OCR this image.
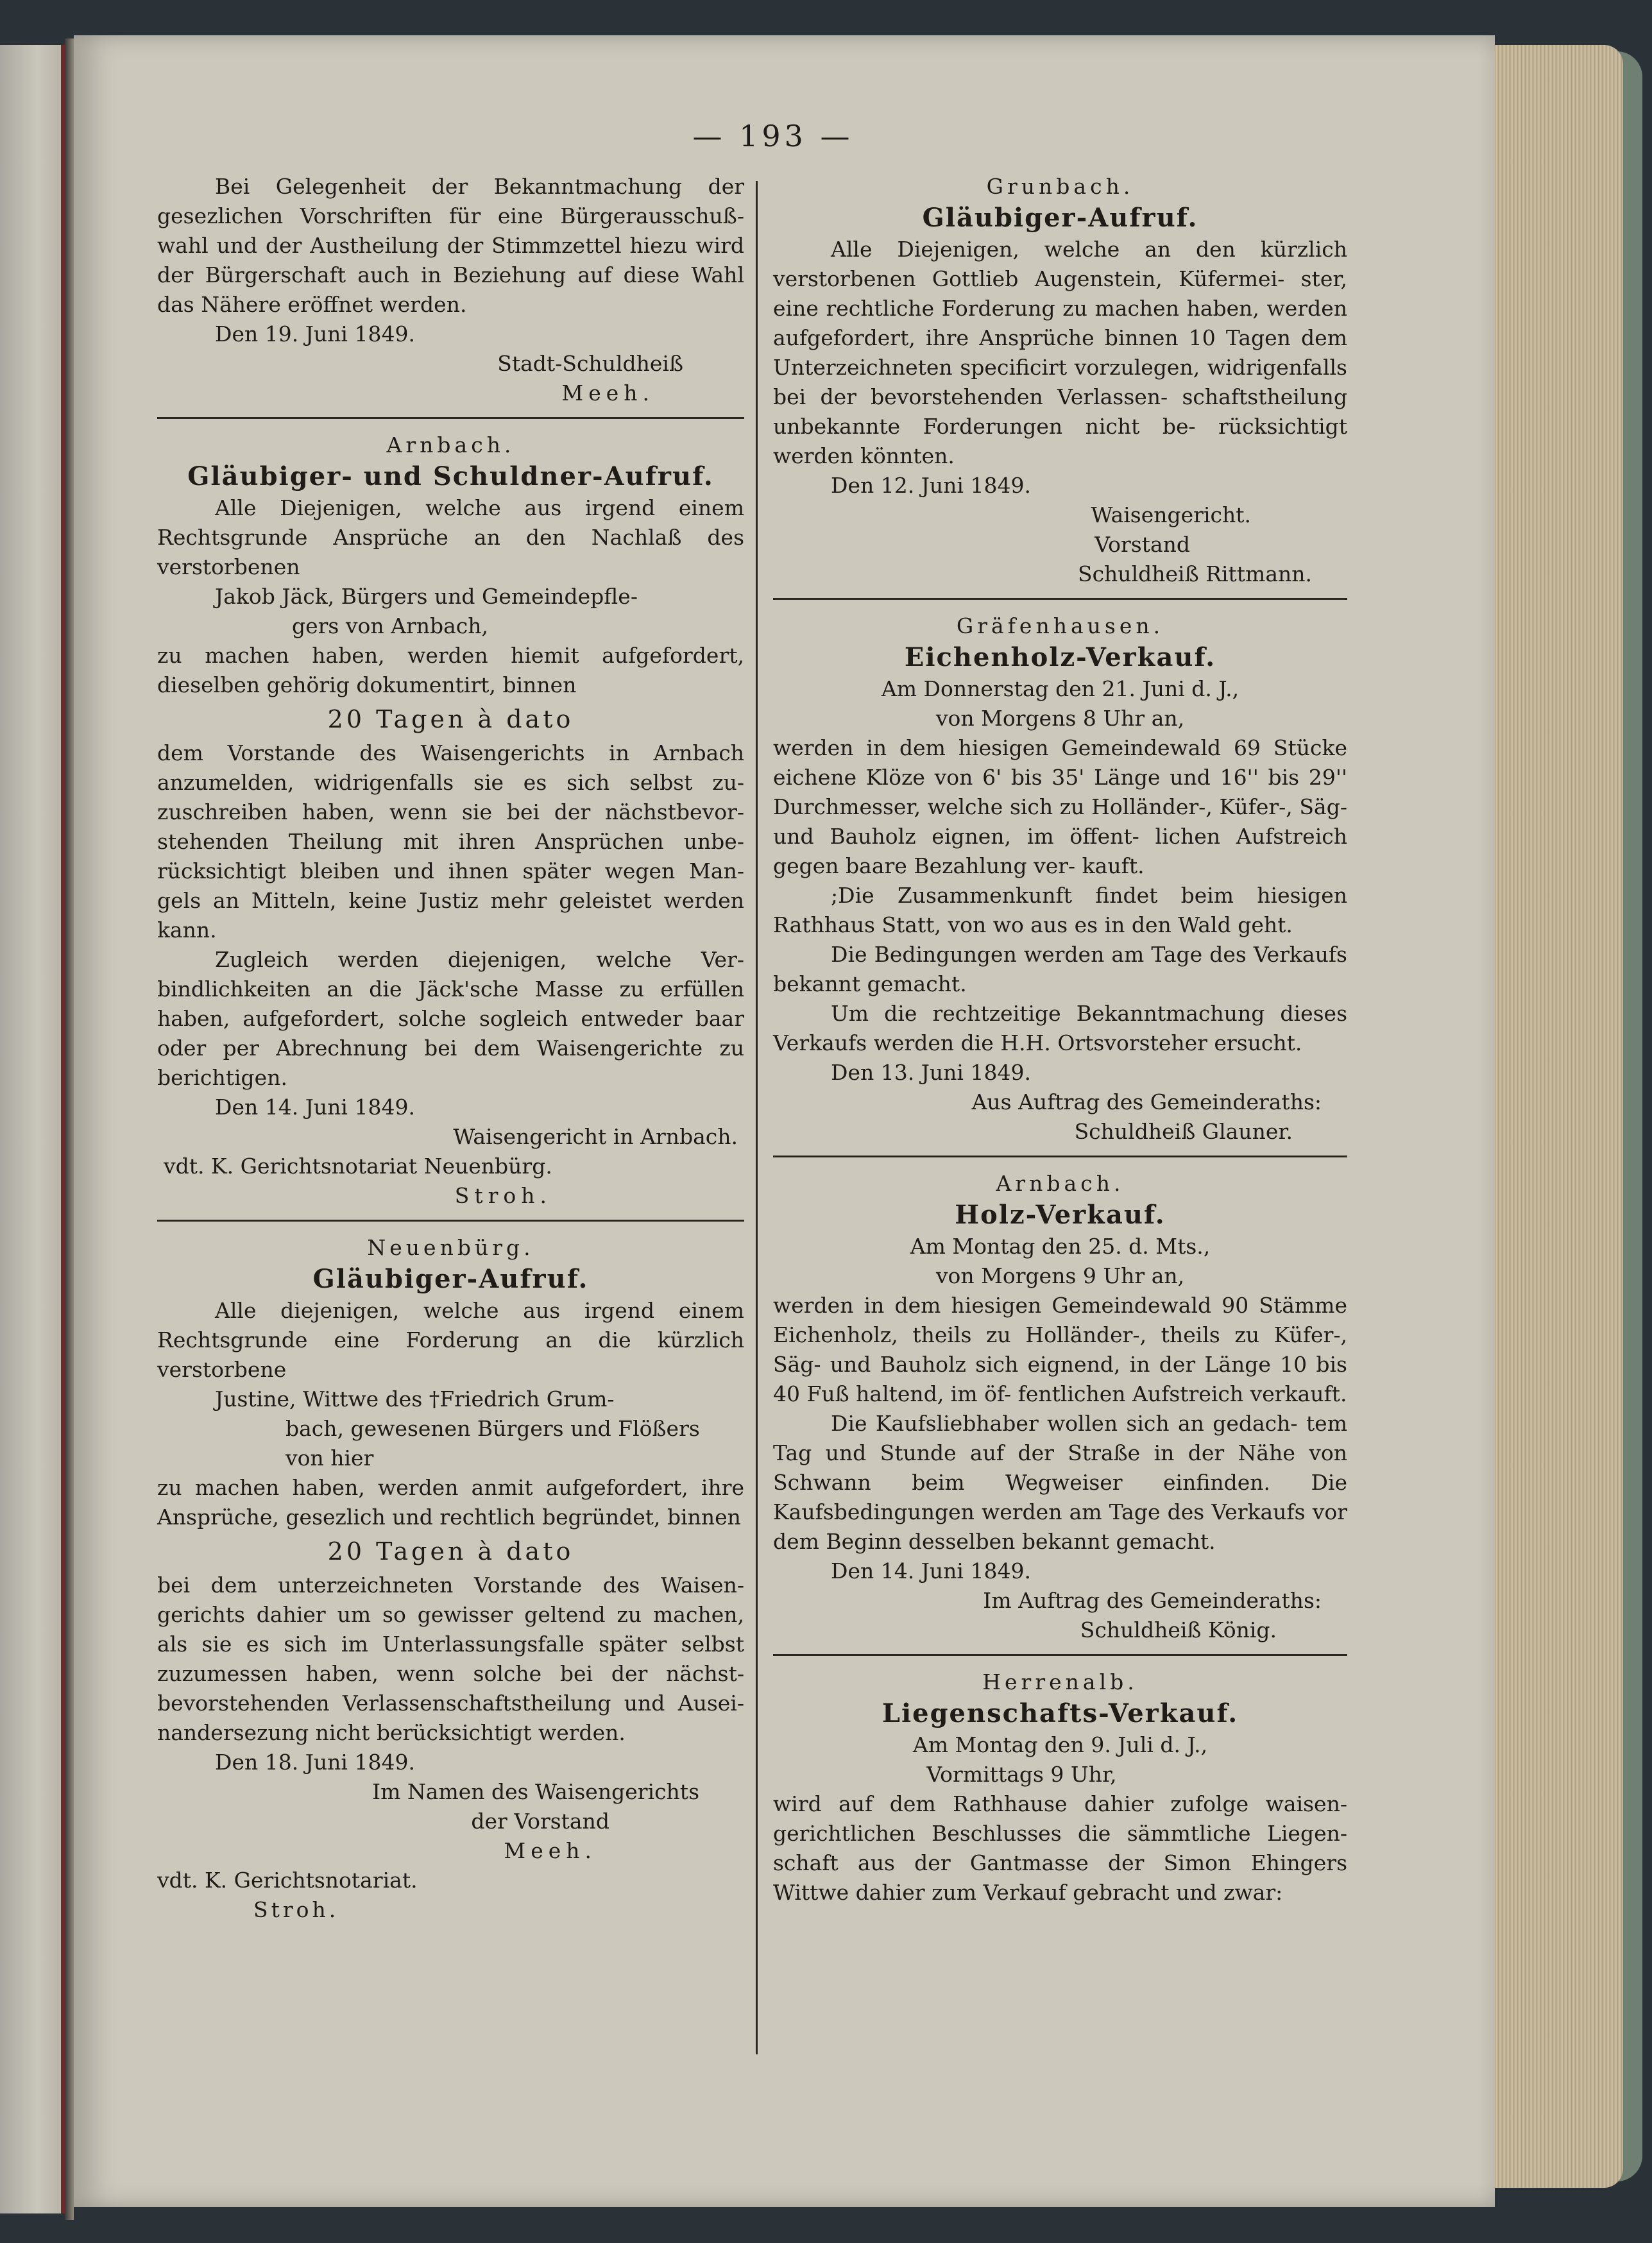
— 193 —

Bei Gelegenheit der Bekanntmachung der gesezlichen Vorschriften für eine Bürgerausschuß- wahl und der Austheilung der Stimmzettel hiezu wird der Bürgerschaft auch in Beziehung auf diese Wahl das Nähere eröffnet werden.

Den 19. Juni 1849.

Stadt-Schuldheiß

Meeh.

Arnbach.

Gläubiger- und Schuldner-Aufruf.

Alle Diejenigen, welche aus irgend einem Rechtsgrunde Ansprüche an den Nachlaß des verstorbenen

Jakob Jäck, Bürgers und Gemeindepfle-

gers von Arnbach,

zu machen haben, werden hiemit aufgefordert, dieselben gehörig dokumentirt, binnen

20 Tagen à dato

dem Vorstande des Waisengerichts in Arnbach anzumelden, widrigenfalls sie es sich selbst zu- zuschreiben haben, wenn sie bei der nächstbevor- stehenden Theilung mit ihren Ansprüchen unbe- rücksichtigt bleiben und ihnen später wegen Man- gels an Mitteln, keine Justiz mehr geleistet werden kann.

Zugleich werden diejenigen, welche Ver- bindlichkeiten an die Jäck'sche Masse zu erfüllen haben, aufgefordert, solche sogleich entweder baar oder per Abrechnung bei dem Waisengerichte zu berichtigen.

Den 14. Juni 1849.

Waisengericht in Arnbach.

vdt. K. Gerichtsnotariat Neuenbürg.

Stroh.

Neuenbürg.

Gläubiger-Aufruf.

Alle diejenigen, welche aus irgend einem Rechtsgrunde eine Forderung an die kürzlich verstorbene

Justine, Wittwe des †Friedrich Grum-

bach, gewesenen Bürgers und Flößers

von hier

zu machen haben, werden anmit aufgefordert, ihre Ansprüche, gesezlich und rechtlich begründet, binnen

20 Tagen à dato

bei dem unterzeichneten Vorstande des Waisen- gerichts dahier um so gewisser geltend zu machen, als sie es sich im Unterlassungsfalle später selbst zuzumessen haben, wenn solche bei der nächst- bevorstehenden Verlassenschaftstheilung und Ausei- nandersezung nicht berücksichtigt werden.

Den 18. Juni 1849.

Im Namen des Waisengerichts

der Vorstand

Meeh.

vdt. K. Gerichtsnotariat.

Stroh.

Grunbach.

Gläubiger-Aufruf.

Alle Diejenigen, welche an den kürzlich verstorbenen Gottlieb Augenstein, Küfermei- ster, eine rechtliche Forderung zu machen haben, werden aufgefordert, ihre Ansprüche binnen 10 Tagen dem Unterzeichneten specificirt vorzulegen, widrigenfalls bei der bevorstehenden Verlassen- schaftstheilung unbekannte Forderungen nicht be- rücksichtigt werden könnten.

Den 12. Juni 1849.

Waisengericht.

Vorstand

Schuldheiß Rittmann.

Gräfenhausen.

Eichenholz-Verkauf.

Am Donnerstag den 21. Juni d. J.,

von Morgens 8 Uhr an,

werden in dem hiesigen Gemeindewald 69 Stücke eichene Klöze von 6' bis 35' Länge und 16'' bis 29'' Durchmesser, welche sich zu Holländer-, Küfer-, Säg- und Bauholz eignen, im öffent- lichen Aufstreich gegen baare Bezahlung ver- kauft.

;Die Zusammenkunft findet beim hiesigen Rathhaus Statt, von wo aus es in den Wald geht.

Die Bedingungen werden am Tage des Verkaufs bekannt gemacht.

Um die rechtzeitige Bekanntmachung dieses Verkaufs werden die H.H. Ortsvorsteher ersucht.

Den 13. Juni 1849.

Aus Auftrag des Gemeinderaths:

Schuldheiß Glauner.

Arnbach.

Holz-Verkauf.

Am Montag den 25. d. Mts.,

von Morgens 9 Uhr an,

werden in dem hiesigen Gemeindewald 90 Stämme Eichenholz, theils zu Holländer-, theils zu Küfer-, Säg- und Bauholz sich eignend, in der Länge 10 bis 40 Fuß haltend, im öf- fentlichen Aufstreich verkauft.

Die Kaufsliebhaber wollen sich an gedach- tem Tag und Stunde auf der Straße in der Nähe von Schwann beim Wegweiser einfinden. Die Kaufsbedingungen werden am Tage des Verkaufs vor dem Beginn desselben bekannt gemacht.

Den 14. Juni 1849.

Im Auftrag des Gemeinderaths:

Schuldheiß König.

Herrenalb.

Liegenschafts-Verkauf.

Am Montag den 9. Juli d. J.,

Vormittags 9 Uhr,

wird auf dem Rathhause dahier zufolge waisen- gerichtlichen Beschlusses die sämmtliche Liegen- schaft aus der Gantmasse der Simon Ehingers Wittwe dahier zum Verkauf gebracht und zwar:
